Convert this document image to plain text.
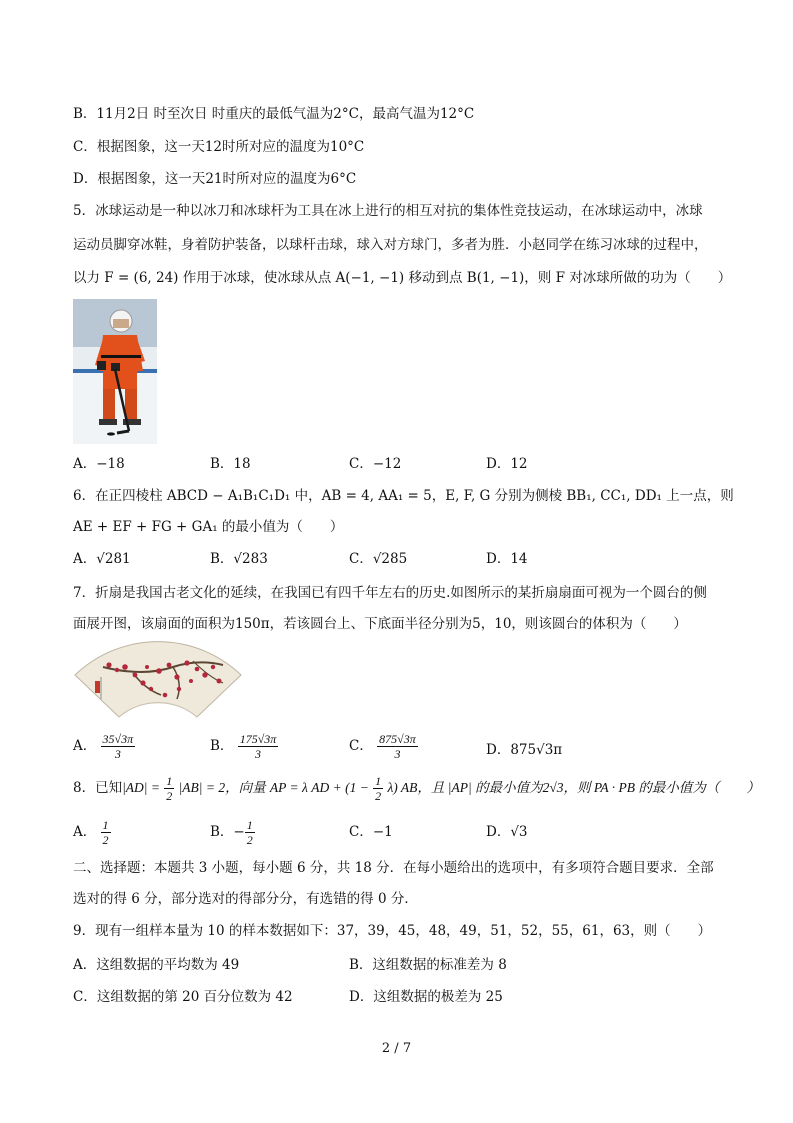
B．11月2日 时至次日 时重庆的最低气温为2°C，最高气温为12°C
C．根据图象，这一天12时所对应的温度为10°C
D．根据图象，这一天21时所对应的温度为6°C
5．冰球运动是一种以冰刀和冰球杆为工具在冰上进行的相互对抗的集体性竞技运动，在冰球运动中，冰球
运动员脚穿冰鞋，身着防护装备，以球杆击球，球入对方球门，多者为胜．小赵同学在练习冰球的过程中，
以力 F = (6, 24) 作用于冰球，使冰球从点 A(−1, −1) 移动到点 B(1, −1)，则 F 对冰球所做的功为（　　）
A．−18	B．18	C．−12	D．12
6．在正四棱柱 ABCD − A₁B₁C₁D₁ 中，AB = 4, AA₁ = 5，E, F, G 分别为侧棱 BB₁, CC₁, DD₁ 上一点，则
AE + EF + FG + GA₁ 的最小值为（　　）
A．√281	B．√283	C．√285	D．14
7．折扇是我国古老文化的延续，在我国已有四千年左右的历史.如图所示的某折扇扇面可视为一个圆台的侧
面展开图，该扇面的面积为150π，若该圆台上、下底面半径分别为5，10，则该圆台的体积为（　　）
A． $\frac{35√3\pi}{3}$	B． $\frac{175√3\pi}{3}$	C． $\frac{875√3\pi}{3}$	D．875√3π
8．已知$|AD| = \frac{1}{2} |AB| = 2$，向量 AP = λ AD + $(1 - \frac{1}{2} \lambda)$ AB，且 |AP| 的最小值为2√3，则 PA · PB 的最小值为（　　）
A． $\frac{1}{2}$	B．− $\frac{1}{2}$	C．−1	D．√3
二、选择题：本题共 3 小题，每小题 6 分，共 18 分．在每小题给出的选项中，有多项符合题目要求．全部
选对的得 6 分，部分选对的得部分分，有选错的得 0 分．
9．现有一组样本量为 10 的样本数据如下：37，39，45，48，49，51，52，55，61，63，则（　　）
A．这组数据的平均数为 49	B．这组数据的标准差为 8
C．这组数据的第 20 百分位数为 42	D．这组数据的极差为 25
2 / 7
